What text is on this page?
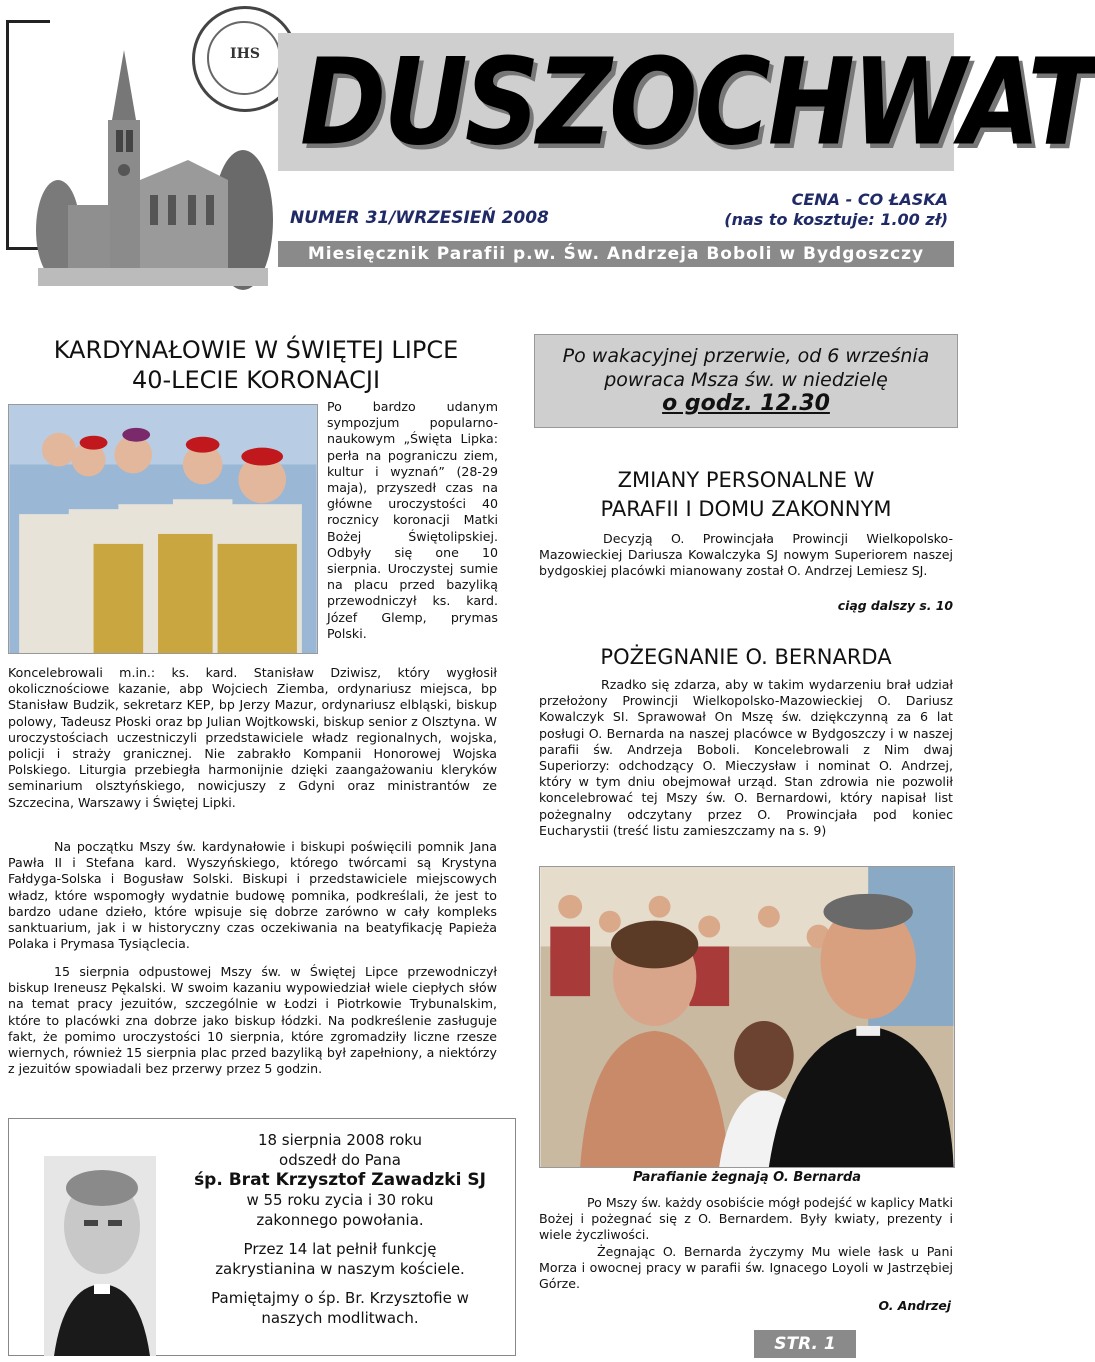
IHS DUSZOCHWAT
NUMER 31/WRZESIEŃ 2008
CENA - CO ŁASKA
(nas to kosztuje: 1.00 zł)
Miesięcznik Parafii p.w. Św. Andrzeja Boboli w Bydgoszczy
KARDYNAŁOWIE W ŚWIĘTEJ LIPCE
40-LECIE KORONACJI
Po bardzo udanym sympozjum popularno-naukowym „Święta Lipka: perła na pograniczu ziem, kultur i wyznań” (28-29 maja), przyszedł czas na główne uroczystości 40 rocznicy koronacji Matki Bożej Świętolipskiej. Odbyły się one 10 sierpnia. Uroczystej sumie na placu przed bazyliką przewodniczył ks. kard. Józef Glemp, prymas Polski.
Koncelebrowali m.in.: ks. kard. Stanisław Dziwisz, który wygłosił okolicznościowe kazanie, abp Wojciech Ziemba, ordynariusz miejsca, bp Stanisław Budzik, sekretarz KEP, bp Jerzy Mazur, ordynariusz elbląski, biskup polowy, Tadeusz Płoski oraz bp Julian Wojtkowski, biskup senior z Olsztyna. W uroczystościach uczestniczyli przedstawiciele władz regionalnych, wojska, policji i straży granicznej. Nie zabrakło Kompanii Honorowej Wojska Polskiego. Liturgia przebiegła harmonijnie dzięki zaangażowaniu kleryków seminarium olsztyńskiego, nowicjuszy z Gdyni oraz ministrantów ze Szczecina, Warszawy i Świętej Lipki.
Na początku Mszy św. kardynałowie i biskupi poświęcili pomnik Jana Pawła II i Stefana kard. Wyszyńskiego, którego twórcami są Krystyna Fałdyga-Solska i Bogusław Solski. Biskupi i przedstawiciele miejscowych władz, które wspomogły wydatnie budowę pomnika, podkreślali, że jest to bardzo udane dzieło, które wpisuje się dobrze zarówno w cały kompleks sanktuarium, jak i w historyczny czas oczekiwania na beatyfikację Papieża Polaka i Prymasa Tysiąclecia.
15 sierpnia odpustowej Mszy św. w Świętej Lipce przewodniczył biskup Ireneusz Pękalski. W swoim kazaniu wypowiedział wiele ciepłych słów na temat pracy jezuitów, szczególnie w Łodzi i Piotrkowie Trybunalskim, które to placówki zna dobrze jako biskup łódzki. Na podkreślenie zasługuje fakt, że pomimo uroczystości 10 sierpnia, które zgromadziły liczne rzesze wiernych, również 15 sierpnia plac przed bazyliką był zapełniony, a niektórzy z jezuitów spowiadali bez przerwy przez 5 godzin.
18 sierpnia 2008 roku
odszedł do Pana
śp. Brat Krzysztof Zawadzki SJ
w 55 roku zycia i 30 roku
zakonnego powołania.
Przez 14 lat pełnił funkcję
zakrystianina w naszym kościele.
Pamiętajmy o śp. Br. Krzysztofie w
naszych modlitwach.
Po wakacyjnej przerwie, od 6 września
powraca Msza św. w niedzielę
o godz. 12.30
ZMIANY PERSONALNE W
PARAFII I DOMU ZAKONNYM
Decyzją O. Prowincjała Prowincji Wielkopolsko-Mazowieckiej Dariusza Kowalczyka SJ nowym Superiorem naszej bydgoskiej placówki mianowany został O. Andrzej Lemiesz SJ.
ciąg dalszy s. 10
POŻEGNANIE O. BERNARDA
Rzadko się zdarza, aby w takim wydarzeniu brał udział przełożony Prowincji Wielkopolsko-Mazowieckiej O. Dariusz Kowalczyk SI. Sprawował On Mszę św. dziękczynną za 6 lat posługi O. Bernarda na naszej placówce w Bydgoszczy i w naszej parafii św. Andrzeja Boboli. Koncelebrowali z Nim dwaj Superiorzy: odchodzący O. Mieczysław i nominat O. Andrzej, który w tym dniu obejmował urząd. Stan zdrowia nie pozwolił koncelebrować tej Mszy św. O. Bernardowi, który napisał list pożegnalny odczytany przez O. Prowincjała pod koniec Eucharystii (treść listu zamieszczamy na s. 9)
Parafianie żegnają O. Bernarda
Po Mszy św. każdy osobiście mógł podejść w kaplicy Matki Bożej i pożegnać się z O. Bernardem. Były kwiaty, prezenty i wiele życzliwości.
Żegnając O. Bernarda życzymy Mu wiele łask u Pani Morza i owocnej pracy w parafii św. Ignacego Loyoli w Jastrzębiej Górze.
O. Andrzej
STR. 1
